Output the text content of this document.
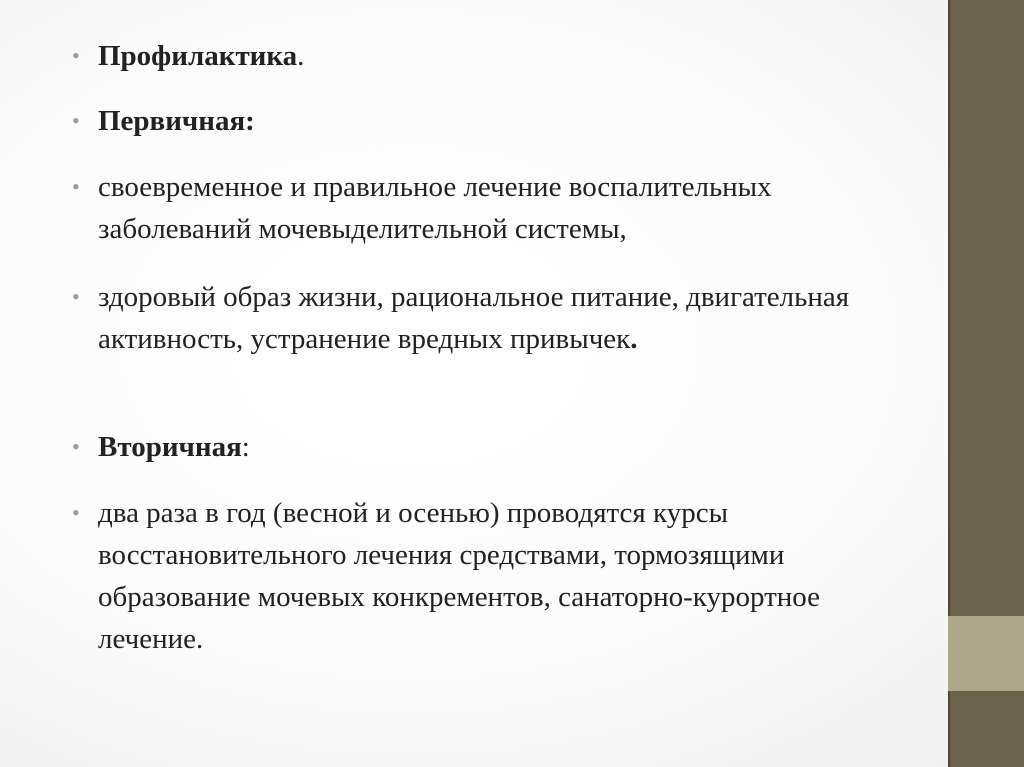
• Профилактика.
• Первичная:
• своевременное и правильное лечение воспалительных заболеваний мочевыделительной системы,
• здоровый образ жизни, рациональное питание, двигательная активность, устранение вредных привычек.
• Вторичная:
• два раза в год (весной и осенью) проводятся курсы восстановительного лечения средствами, тормозящими образование мочевых конкрементов, санаторно-курортное лечение.
